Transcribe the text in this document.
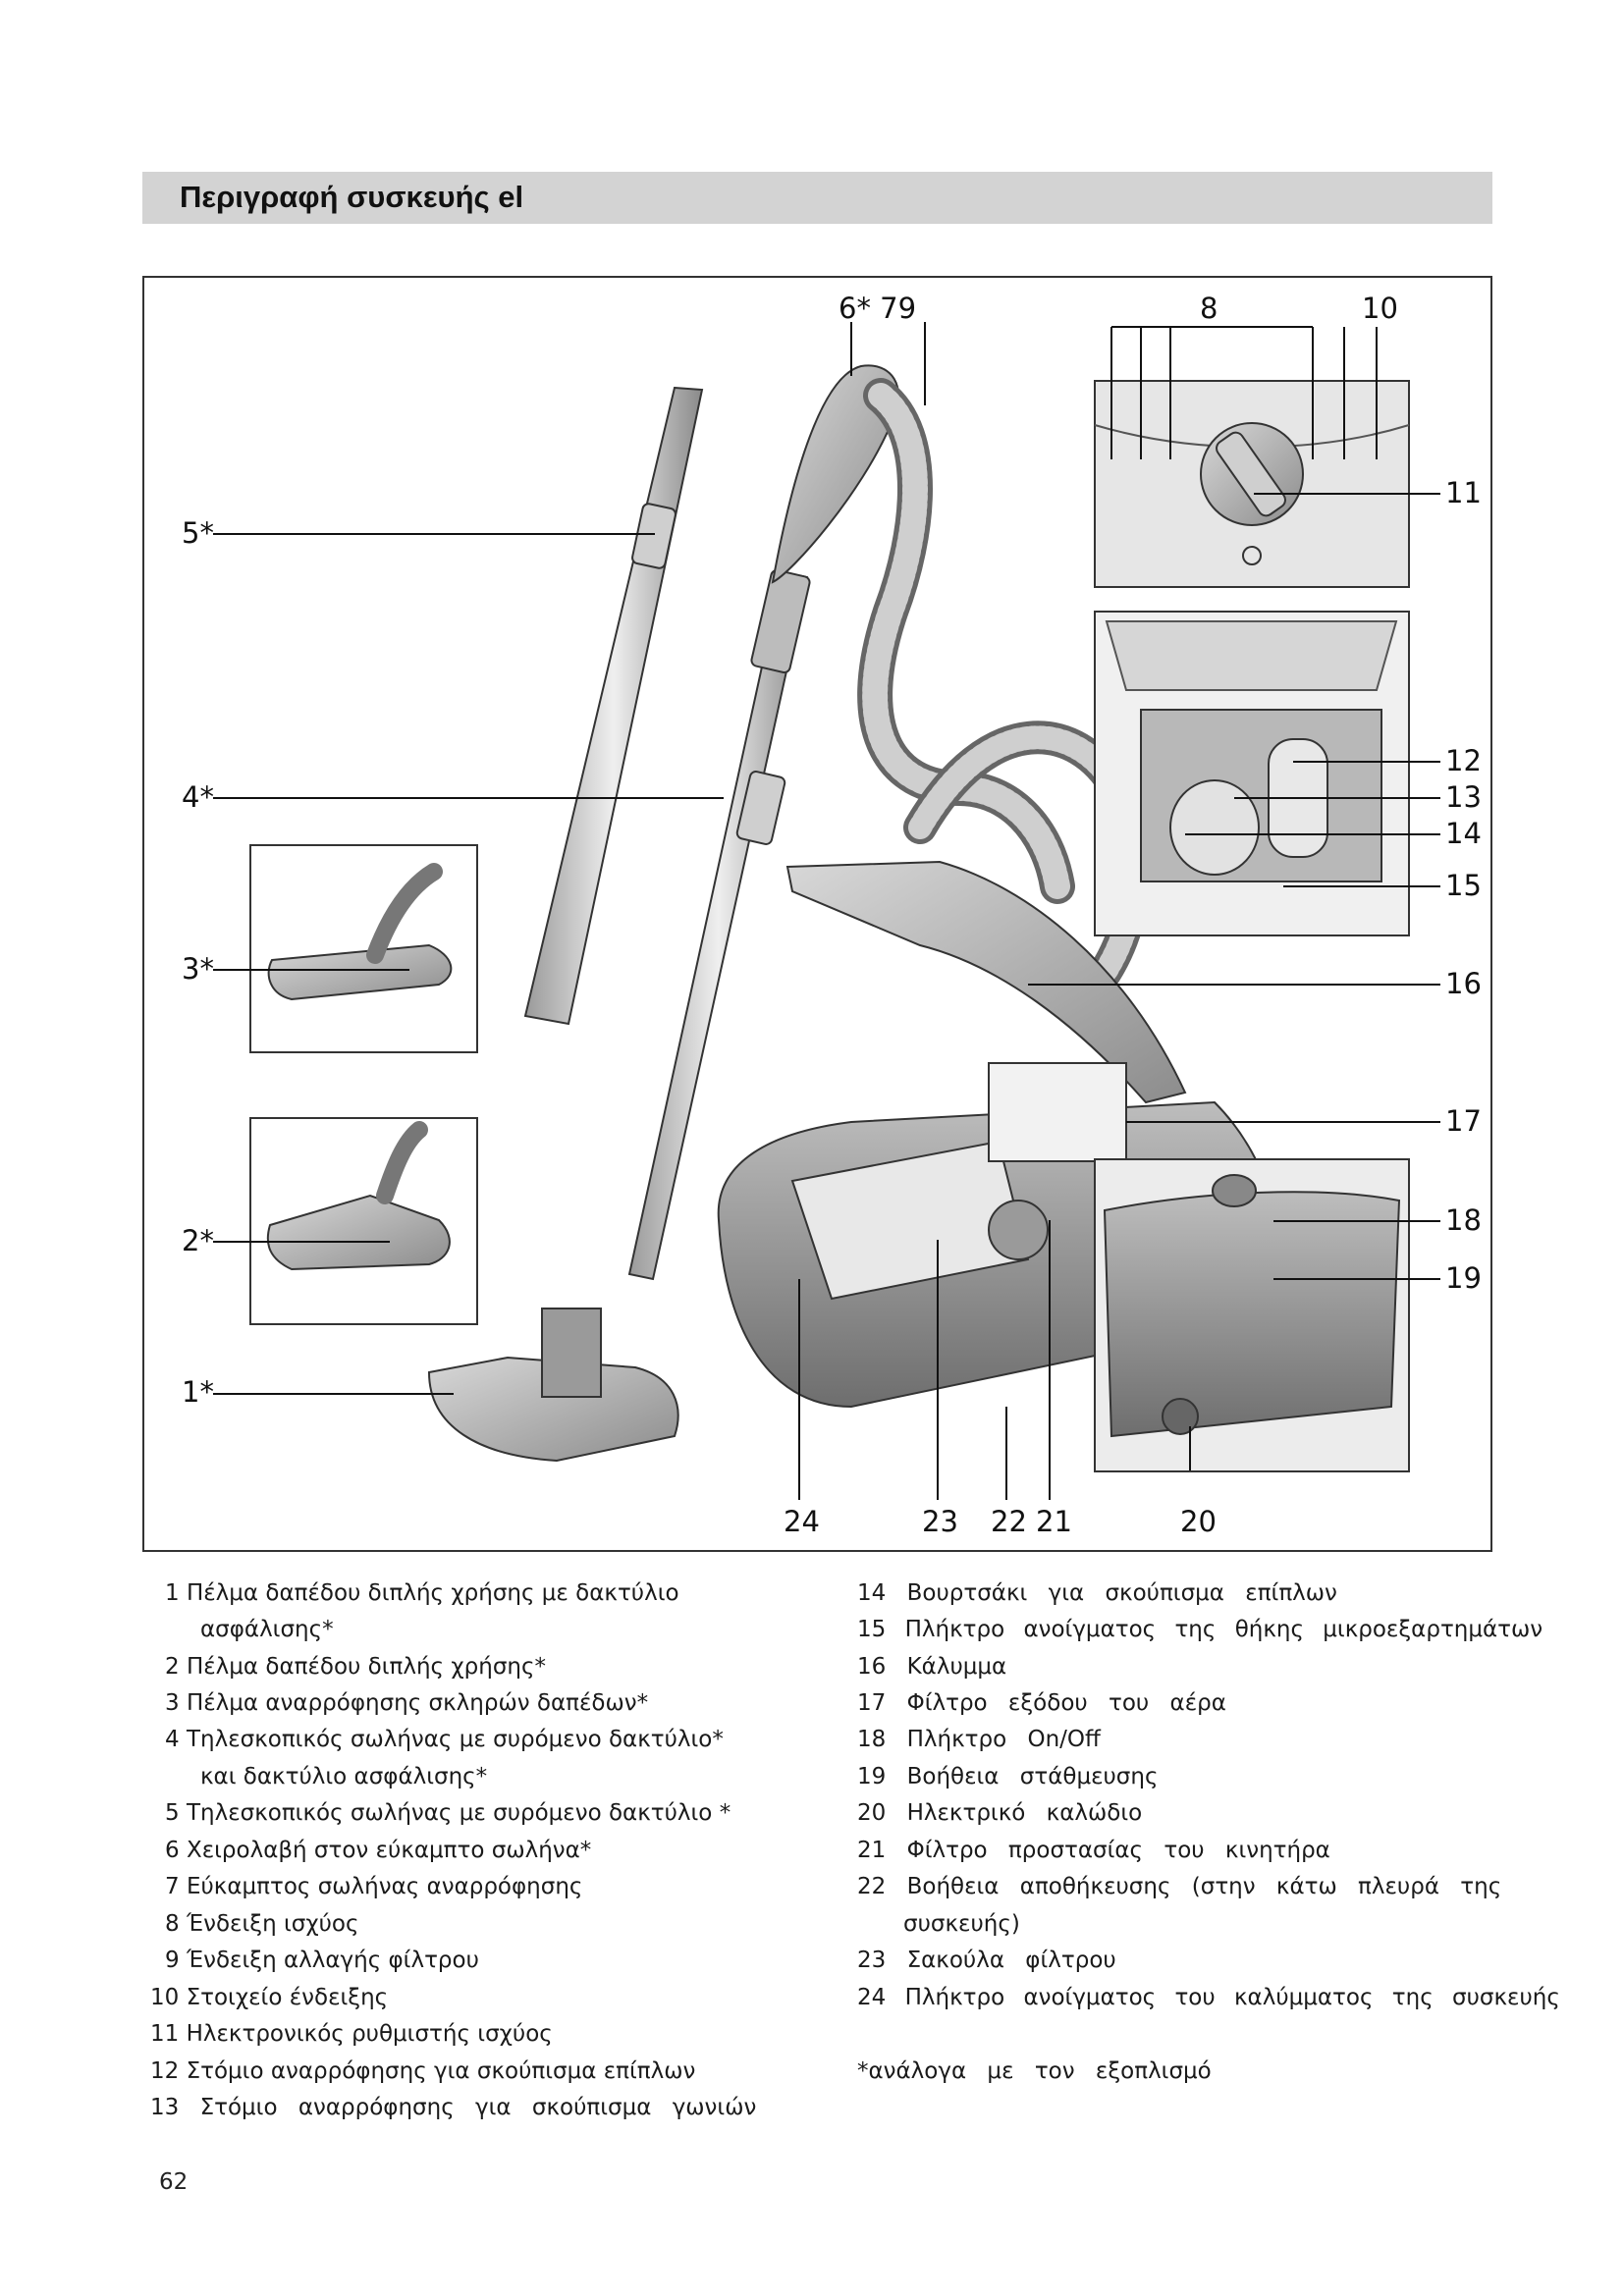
Περιγραφή συσκευής el
1*
2*
3*
4*
5*
6* 79	8	10
11
12
13
14
15
16
17
18
19
20
21
22
23
24
1 Πέλμα δαπέδου διπλής χρήσης με δακτύλιο
ασφάλισης*
2 Πέλμα δαπέδου διπλής χρήσης*
3 Πέλμα αναρρόφησης σκληρών δαπέδων*
4 Τηλεσκοπικός σωλήνας με συρόμενο δακτύλιο*
και δακτύλιο ασφάλισης*
5 Τηλεσκοπικός σωλήνας με συρόμενο δακτύλιο *
6 Χειρολαβή στον εύκαμπτο σωλήνα*
7 Εύκαμπτος σωλήνας αναρρόφησης
8 Ένδειξη ισχύος
9 Ένδειξη αλλαγής φίλτρου
10 Στοιχείο ένδειξης
11 Ηλεκτρονικός ρυθμιστής ισχύος
12 Στόμιο αναρρόφησης για σκούπισμα επίπλων
13 Στόμιο αναρρόφησης για σκούπισμα γωνιών
14 Βουρτσάκι για σκούπισμα επίπλων
15 Πλήκτρο ανοίγματος της θήκης μικροεξαρτημάτων
16 Κάλυμμα
17 Φίλτρο εξόδου του αέρα
18 Πλήκτρο On/Off
19 Βοήθεια στάθμευσης
20 Ηλεκτρικό καλώδιο
21 Φίλτρο προστασίας του κινητήρα
22 Βοήθεια αποθήκευσης (στην κάτω πλευρά της
συσκευής)
23 Σακούλα φίλτρου
24 Πλήκτρο ανοίγματος του καλύμματος της συσκευής
*ανάλογα με τον εξοπλισμό
62
